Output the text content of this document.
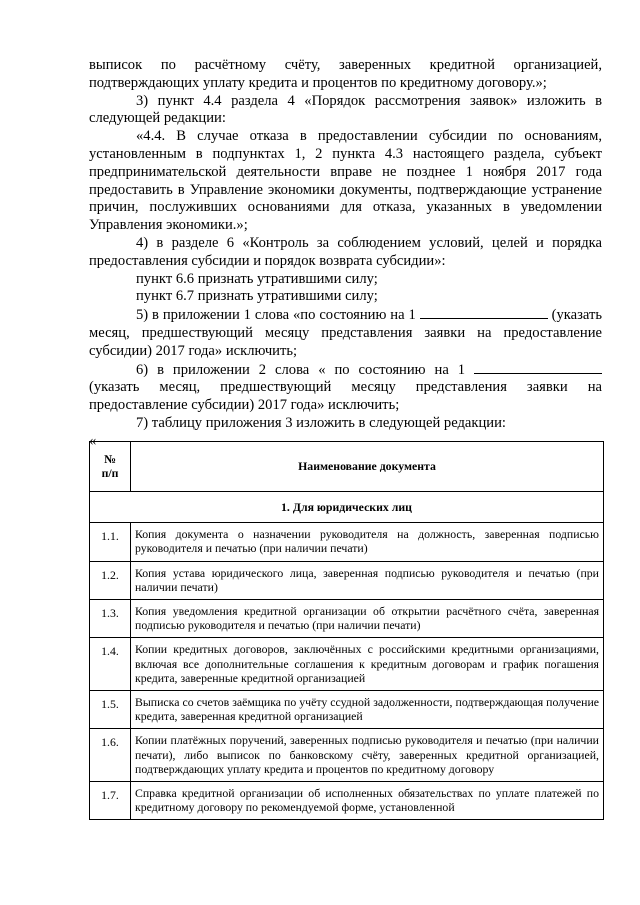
выписок по расчётному счёту, заверенных кредитной организацией, подтверждающих уплату кредита и процентов по кредитному договору.»;

3) пункт 4.4 раздела 4 «Порядок рассмотрения заявок» изложить в следующей редакции:

«4.4. В случае отказа в предоставлении субсидии по основаниям, установленным в подпунктах 1, 2 пункта 4.3 настоящего раздела, субъект предпринимательской деятельности вправе не позднее 1 ноября 2017 года предоставить в Управление экономики документы, подтверждающие устранение причин, послуживших основаниями для отказа, указанных в уведомлении Управления экономики.»;

4) в разделе 6 «Контроль за соблюдением условий, целей и порядка предоставления субсидии и порядок возврата субсидии»:

пункт 6.6 признать утратившими силу;

пункт 6.7 признать утратившими силу;

5) в приложении 1 слова «по состоянию на 1	(указать месяц, предшествующий месяцу представления заявки на предоставление субсидии) 2017 года» исключить;

6) в приложении 2 слова « по состоянию на 1  (указать месяц, предшествующий месяцу представления заявки на предоставление субсидии) 2017 года» исключить;

7) таблицу приложения 3 изложить в следующей редакции:

«

№
п/п	Наименование документа
1. Для юридических лиц	
1.1.	Копия документа о назначении руководителя на должность, заверенная подписью руководителя и печатью (при наличии печати)
1.2.	Копия устава юридического лица, заверенная подписью руководителя и печатью (при наличии печати)
1.3.	Копия уведомления кредитной организации об открытии расчётного счёта, заверенная подписью руководителя и печатью (при наличии печати)
1.4.	Копии кредитных договоров, заключённых с российскими кредитными организациями, включая все дополнительные соглашения к кредитным договорам и график погашения кредита, заверенные кредитной организацией
1.5.	Выписка со счетов заёмщика по учёту ссудной задолженности, подтверждающая получение кредита, заверенная кредитной организацией
1.6.	Копии платёжных поручений, заверенных подписью руководителя и печатью (при наличии печати), либо выписок по банковскому счёту, заверенных кредитной организацией, подтверждающих уплату кредита и процентов по кредитному договору
1.7.	Справка кредитной организации об исполненных обязательствах по уплате платежей по кредитному договору по рекомендуемой форме, установленной
